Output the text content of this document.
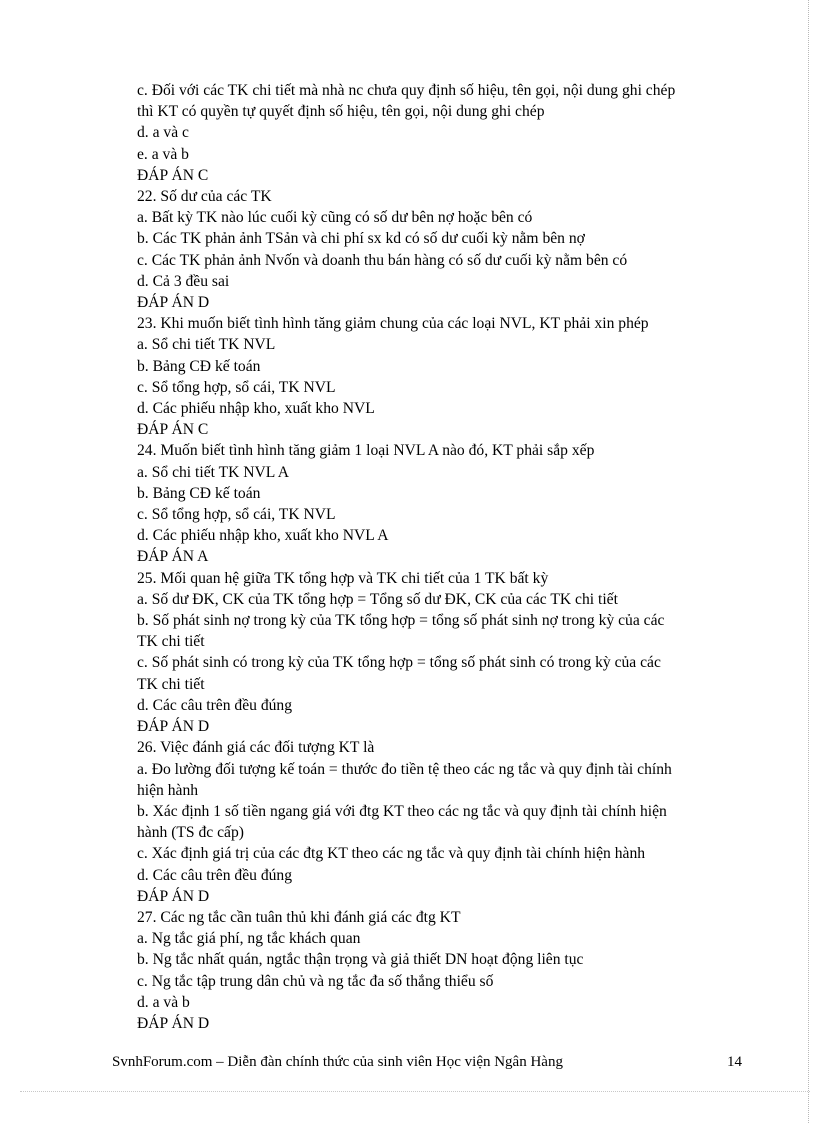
c. Đối với các TK chi tiết mà nhà nc chưa quy định số hiệu, tên gọi, nội dung ghi chép
thì KT có quyền tự quyết định số hiệu, tên gọi, nội dung ghi chép
d. a và c
e. a và b
ĐÁP ÁN C
22. Số dư của các TK
a. Bất kỳ TK nào lúc cuối kỳ cũng có số dư bên nợ hoặc bên có
b. Các TK phản ảnh TSản và chi phí sx kd có số dư cuối kỳ nằm bên nợ
c. Các TK phản ảnh Nvốn và doanh thu bán hàng có số dư cuối kỳ nằm bên có
d. Cả 3 đều sai
ĐÁP ÁN D
23. Khi muốn biết tình hình tăng giảm chung của các loại NVL, KT phải xin phép
a. Sổ chi tiết TK NVL
b. Bảng CĐ kế toán
c. Sổ tổng hợp, sổ cái, TK NVL
d. Các phiếu nhập kho, xuất kho NVL
ĐÁP ÁN C
24. Muốn biết tình hình tăng giảm 1 loại NVL A nào đó, KT phải sắp xếp
a. Sổ chi tiết TK NVL A
b. Bảng CĐ kế toán
c. Sổ tổng hợp, sổ cái, TK NVL
d. Các phiếu nhập kho, xuất kho NVL A
ĐÁP ÁN A
25. Mối quan hệ giữa TK tổng hợp và TK chi tiết của 1 TK bất kỳ
a. Số dư ĐK, CK của TK tổng hợp = Tổng số dư ĐK, CK của các TK chi tiết
b. Số phát sinh nợ trong kỳ của TK tổng hợp = tổng số phát sinh nợ trong kỳ của các
TK chi tiết
c. Số phát sinh có trong kỳ của TK tổng hợp = tổng số phát sinh có trong kỳ của các
TK chi tiết
d. Các câu trên đều đúng
ĐÁP ÁN D
26. Việc đánh giá các đối tượng KT là
a. Đo lường đối tượng kế toán = thước đo tiền tệ theo các ng tắc và quy định tài chính
hiện hành
b. Xác định 1 số tiền ngang giá với đtg KT theo các ng tắc và quy định tài chính hiện
hành (TS đc cấp)
c. Xác định giá trị của các đtg KT theo các ng tắc và quy định tài chính hiện hành
d. Các câu trên đều đúng
ĐÁP ÁN D
27. Các ng tắc cần tuân thủ khi đánh giá các đtg KT
a. Ng tắc giá phí, ng tắc khách quan
b. Ng tắc nhất quán, ngtắc thận trọng và giả thiết DN hoạt động liên tục
c. Ng tắc tập trung dân chủ và ng tắc đa số thắng thiểu số
d. a và b
ĐÁP ÁN D
SvnhForum.com – Diễn đàn chính thức của sinh viên Học viện Ngân Hàng	14
